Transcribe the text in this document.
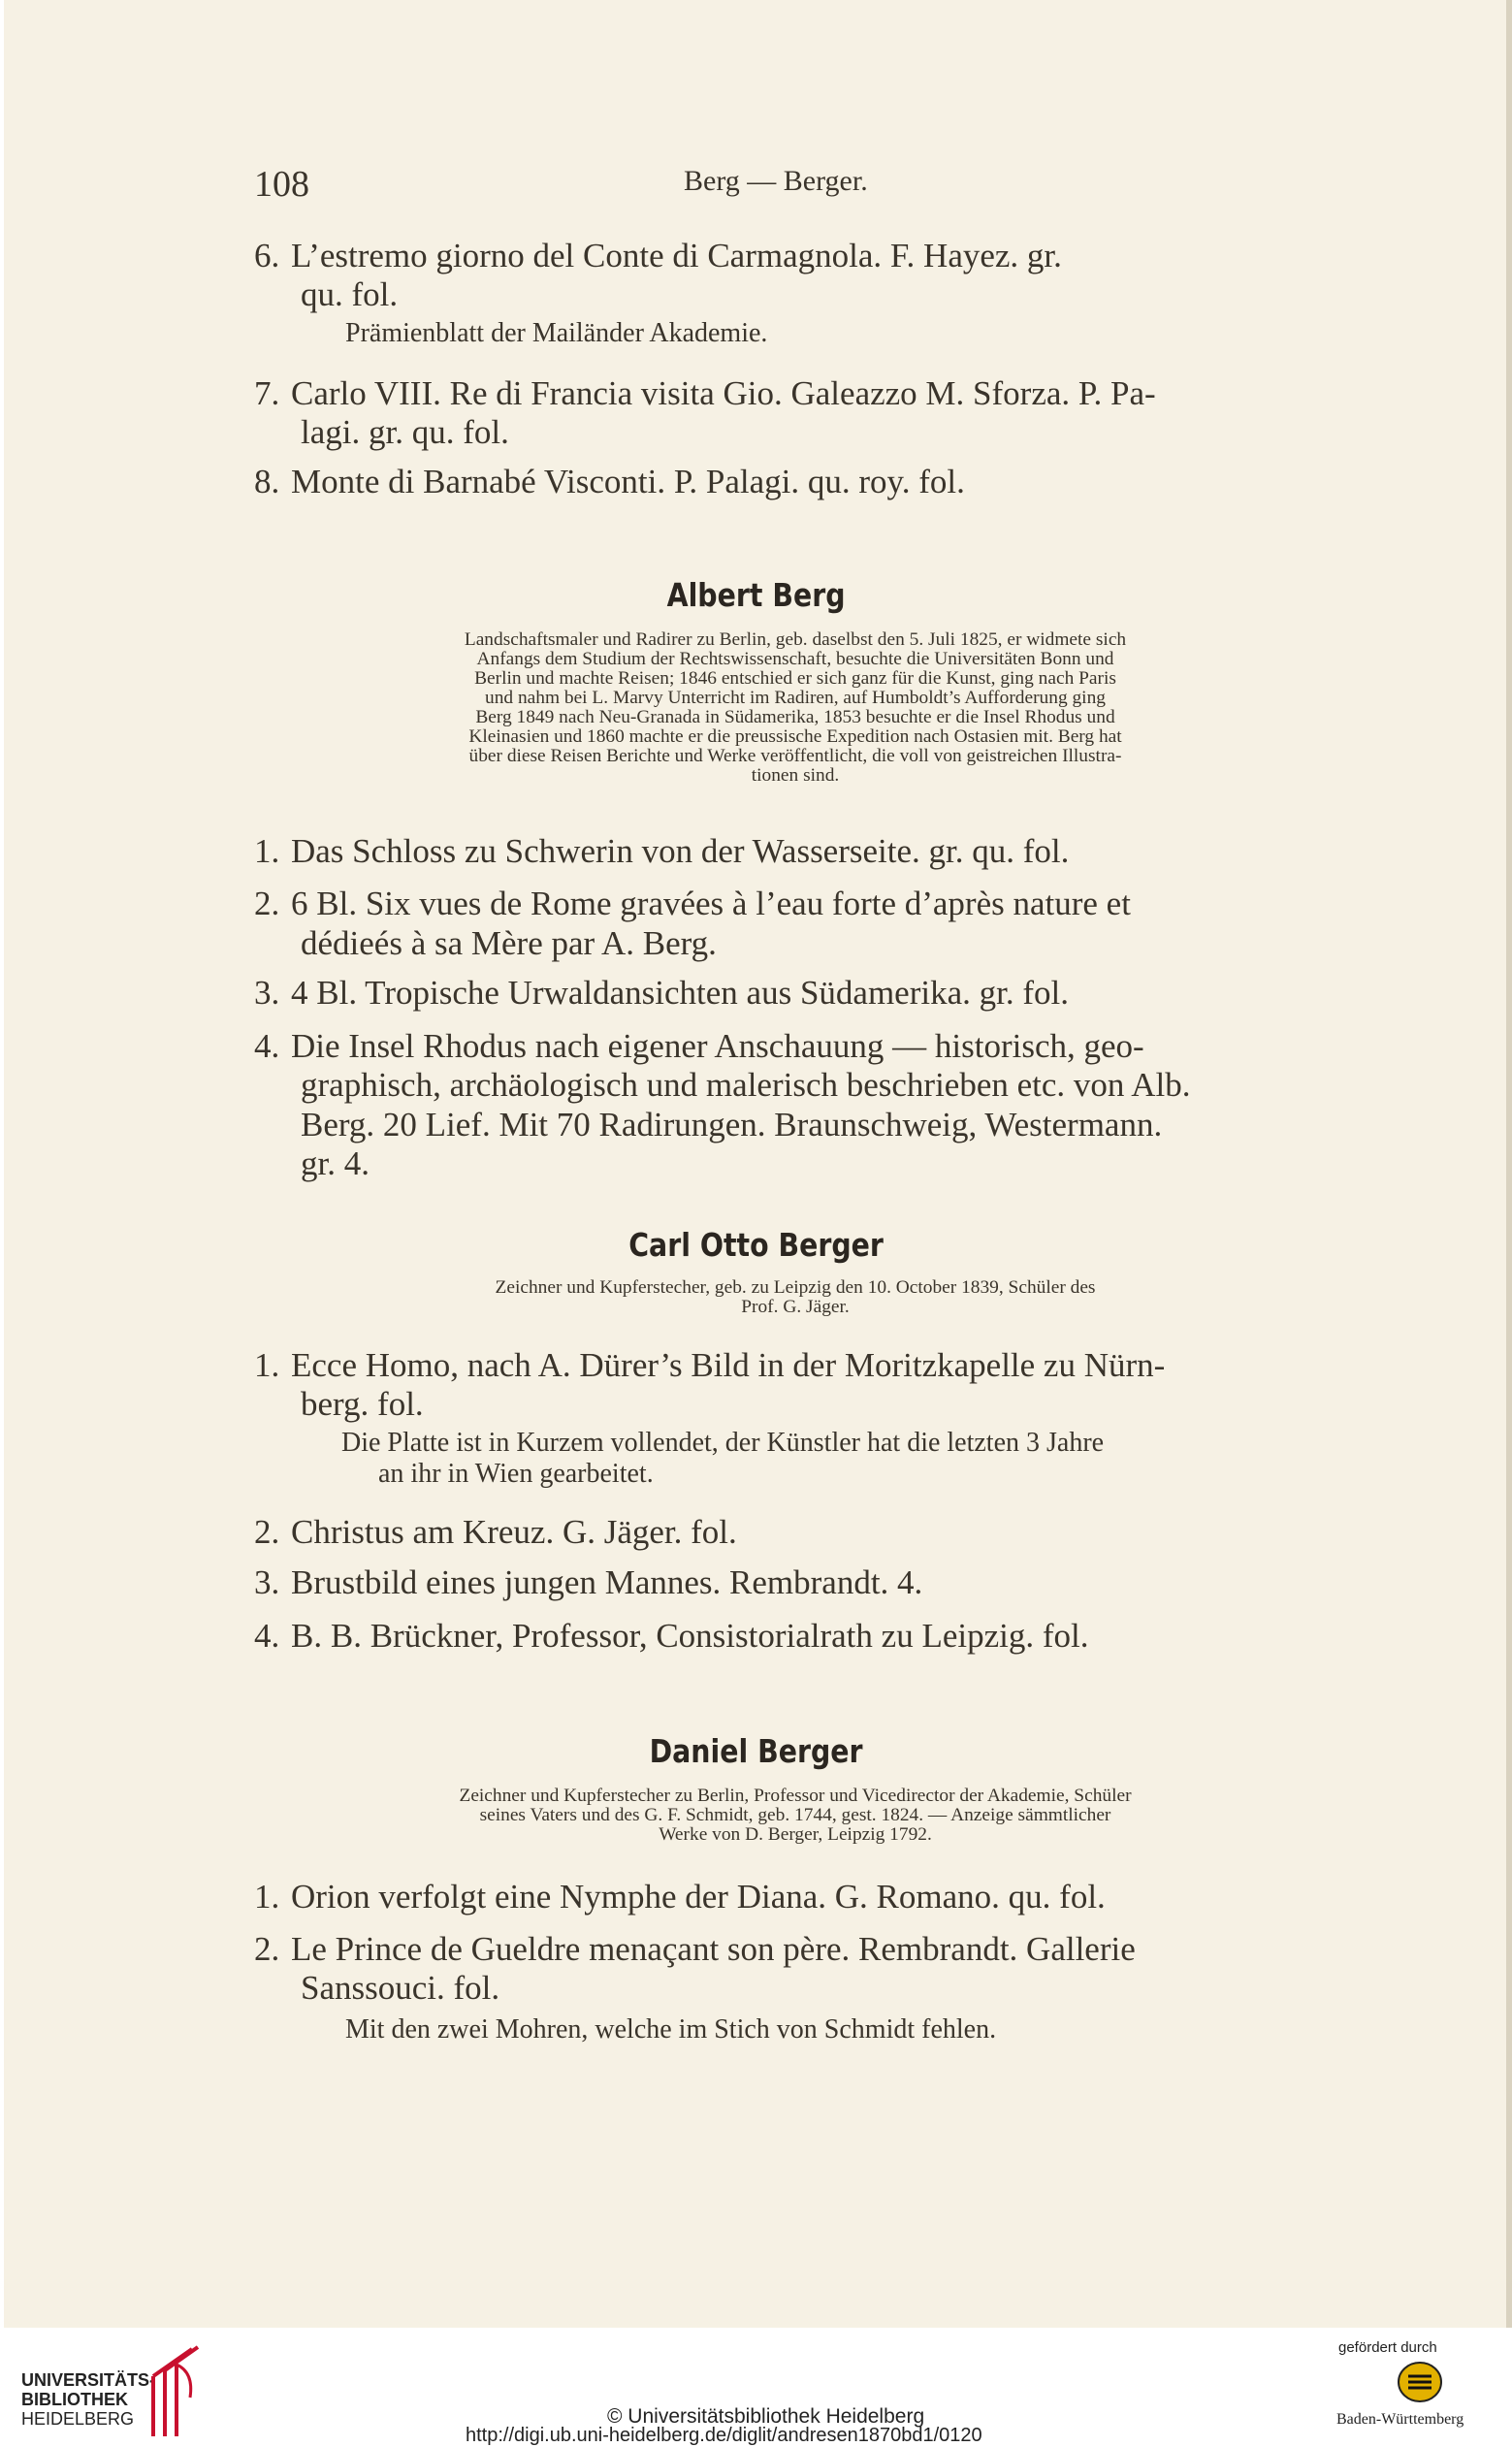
108	Berg — Berger.
6. L’estremo giorno del Conte di Carmagnola. F. Hayez. gr.
qu. fol.
Prämienblatt der Mailänder Akademie.
7. Carlo VIII. Re di Francia visita Gio. Galeazzo M. Sforza. P. Pa-
lagi. gr. qu. fol.
8. Monte di Barnabé Visconti. P. Palagi. qu. roy. fol.
Albert Berg
Landschaftsmaler und Radirer zu Berlin, geb. daselbst den 5. Juli 1825, er widmete sich
Anfangs dem Studium der Rechtswissenschaft, besuchte die Universitäten Bonn und
Berlin und machte Reisen; 1846 entschied er sich ganz für die Kunst, ging nach Paris
und nahm bei L. Marvy Unterricht im Radiren, auf Humboldt’s Aufforderung ging
Berg 1849 nach Neu-Granada in Südamerika, 1853 besuchte er die Insel Rhodus und
Kleinasien und 1860 machte er die preussische Expedition nach Ostasien mit. Berg hat
über diese Reisen Berichte und Werke veröffentlicht, die voll von geistreichen Illustra-
tionen sind.
1. Das Schloss zu Schwerin von der Wasserseite. gr. qu. fol.
2. 6 Bl. Six vues de Rome gravées à l’eau forte d’après nature et
dédieés à sa Mère par A. Berg.
3. 4 Bl. Tropische Urwaldansichten aus Südamerika. gr. fol.
4. Die Insel Rhodus nach eigener Anschauung — historisch, geo-
graphisch, archäologisch und malerisch beschrieben etc. von Alb.
Berg. 20 Lief. Mit 70 Radirungen. Braunschweig, Westermann.
gr. 4.
Carl Otto Berger
Zeichner und Kupferstecher, geb. zu Leipzig den 10. October 1839, Schüler des
Prof. G. Jäger.
1. Ecce Homo, nach A. Dürer’s Bild in der Moritzkapelle zu Nürn-
berg. fol.
Die Platte ist in Kurzem vollendet, der Künstler hat die letzten 3 Jahre
an ihr in Wien gearbeitet.
2. Christus am Kreuz. G. Jäger. fol.
3. Brustbild eines jungen Mannes. Rembrandt. 4.
4. B. B. Brückner, Professor, Consistorialrath zu Leipzig. fol.
Daniel Berger
Zeichner und Kupferstecher zu Berlin, Professor und Vicedirector der Akademie, Schüler
seines Vaters und des G. F. Schmidt, geb. 1744, gest. 1824. — Anzeige sämmtlicher
Werke von D. Berger, Leipzig 1792.
1. Orion verfolgt eine Nymphe der Diana. G. Romano. qu. fol.
2. Le Prince de Gueldre menaçant son père. Rembrandt. Gallerie
Sanssouci. fol.
Mit den zwei Mohren, welche im Stich von Schmidt fehlen.
UNIVERSITÄTS-
BIBLIOTHEK
HEIDELBERG	© Universitätsbibliothek Heidelberg
http://digi.ub.uni-heidelberg.de/diglit/andresen1870bd1/0120
gefördert durch
Baden-Württemberg
